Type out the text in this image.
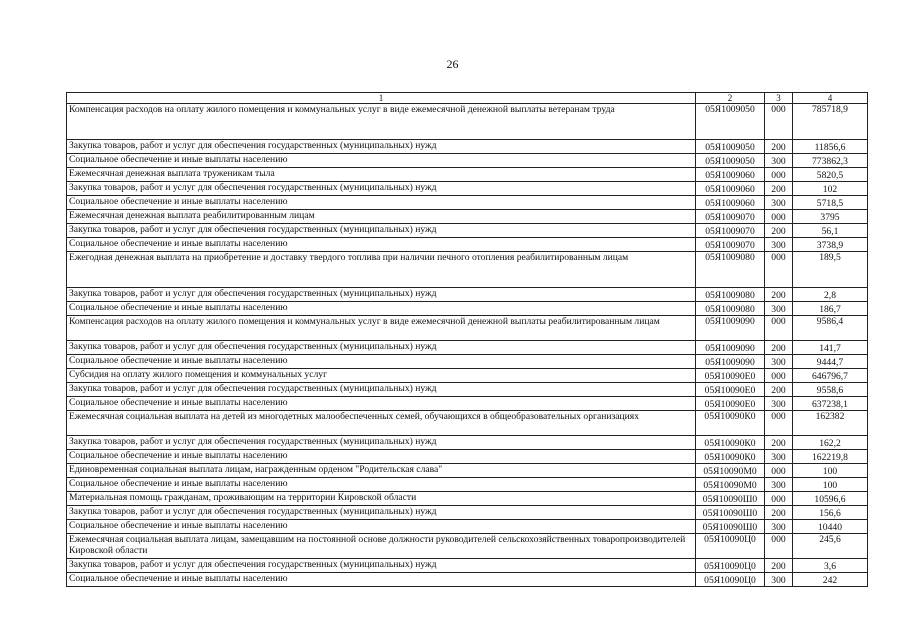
26
1	2	3	4
Компенсация расходов на оплату жилого помещения и коммунальных услуг в виде ежемесячной денежной выплаты ветеранам труда	05Я1009050	000	785718,9
Закупка товаров, работ и услуг для обеспечения государственных (муниципальных) нужд	05Я1009050	200	11856,6
Социальное обеспечение и иные выплаты населению	05Я1009050	300	773862,3
Ежемесячная денежная выплата труженикам тыла	05Я1009060	000	5820,5
Закупка товаров, работ и услуг для обеспечения государственных (муниципальных) нужд	05Я1009060	200	102
Социальное обеспечение и иные выплаты населению	05Я1009060	300	5718,5
Ежемесячная денежная выплата реабилитированным лицам	05Я1009070	000	3795
Закупка товаров, работ и услуг для обеспечения государственных (муниципальных) нужд	05Я1009070	200	56,1
Социальное обеспечение и иные выплаты населению	05Я1009070	300	3738,9
Ежегодная денежная выплата на приобретение и доставку твердого топлива при наличии печного отопления реабилитированным лицам	05Я1009080	000	189,5
Закупка товаров, работ и услуг для обеспечения государственных (муниципальных) нужд	05Я1009080	200	2,8
Социальное обеспечение и иные выплаты населению	05Я1009080	300	186,7
Компенсация расходов на оплату жилого помещения и коммунальных услуг в виде ежемесячной денежной выплаты реабилитированным лицам	05Я1009090	000	9586,4
Закупка товаров, работ и услуг для обеспечения государственных (муниципальных) нужд	05Я1009090	200	141,7
Социальное обеспечение и иные выплаты населению	05Я1009090	300	9444,7
Субсидия на оплату жилого помещения и коммунальных услуг	05Я10090Е0	000	646796,7
Закупка товаров, работ и услуг для обеспечения государственных (муниципальных) нужд	05Я10090Е0	200	9558,6
Социальное обеспечение и иные выплаты населению	05Я10090Е0	300	637238,1
Ежемесячная социальная выплата на детей из многодетных малообеспеченных семей, обучающихся в общеобразовательных организациях	05Я10090К0	000	162382
Закупка товаров, работ и услуг для обеспечения государственных (муниципальных) нужд	05Я10090К0	200	162,2
Социальное обеспечение и иные выплаты населению	05Я10090К0	300	162219,8
Единовременная социальная выплата лицам, награжденным орденом "Родительская слава"	05Я10090М0	000	100
Социальное обеспечение и иные выплаты населению	05Я10090М0	300	100
Материальная помощь гражданам, проживающим на территории Кировской области	05Я10090Ш0	000	10596,6
Закупка товаров, работ и услуг для обеспечения государственных (муниципальных) нужд	05Я10090Ш0	200	156,6
Социальное обеспечение и иные выплаты населению	05Я10090Ш0	300	10440
Ежемесячная социальная выплата лицам, замещавшим на постоянной основе должности руководителей сельскохозяйственных товаропроизводителей Кировской области	05Я10090Ц0	000	245,6
Закупка товаров, работ и услуг для обеспечения государственных (муниципальных) нужд	05Я10090Ц0	200	3,6
Социальное обеспечение и иные выплаты населению	05Я10090Ц0	300	242
